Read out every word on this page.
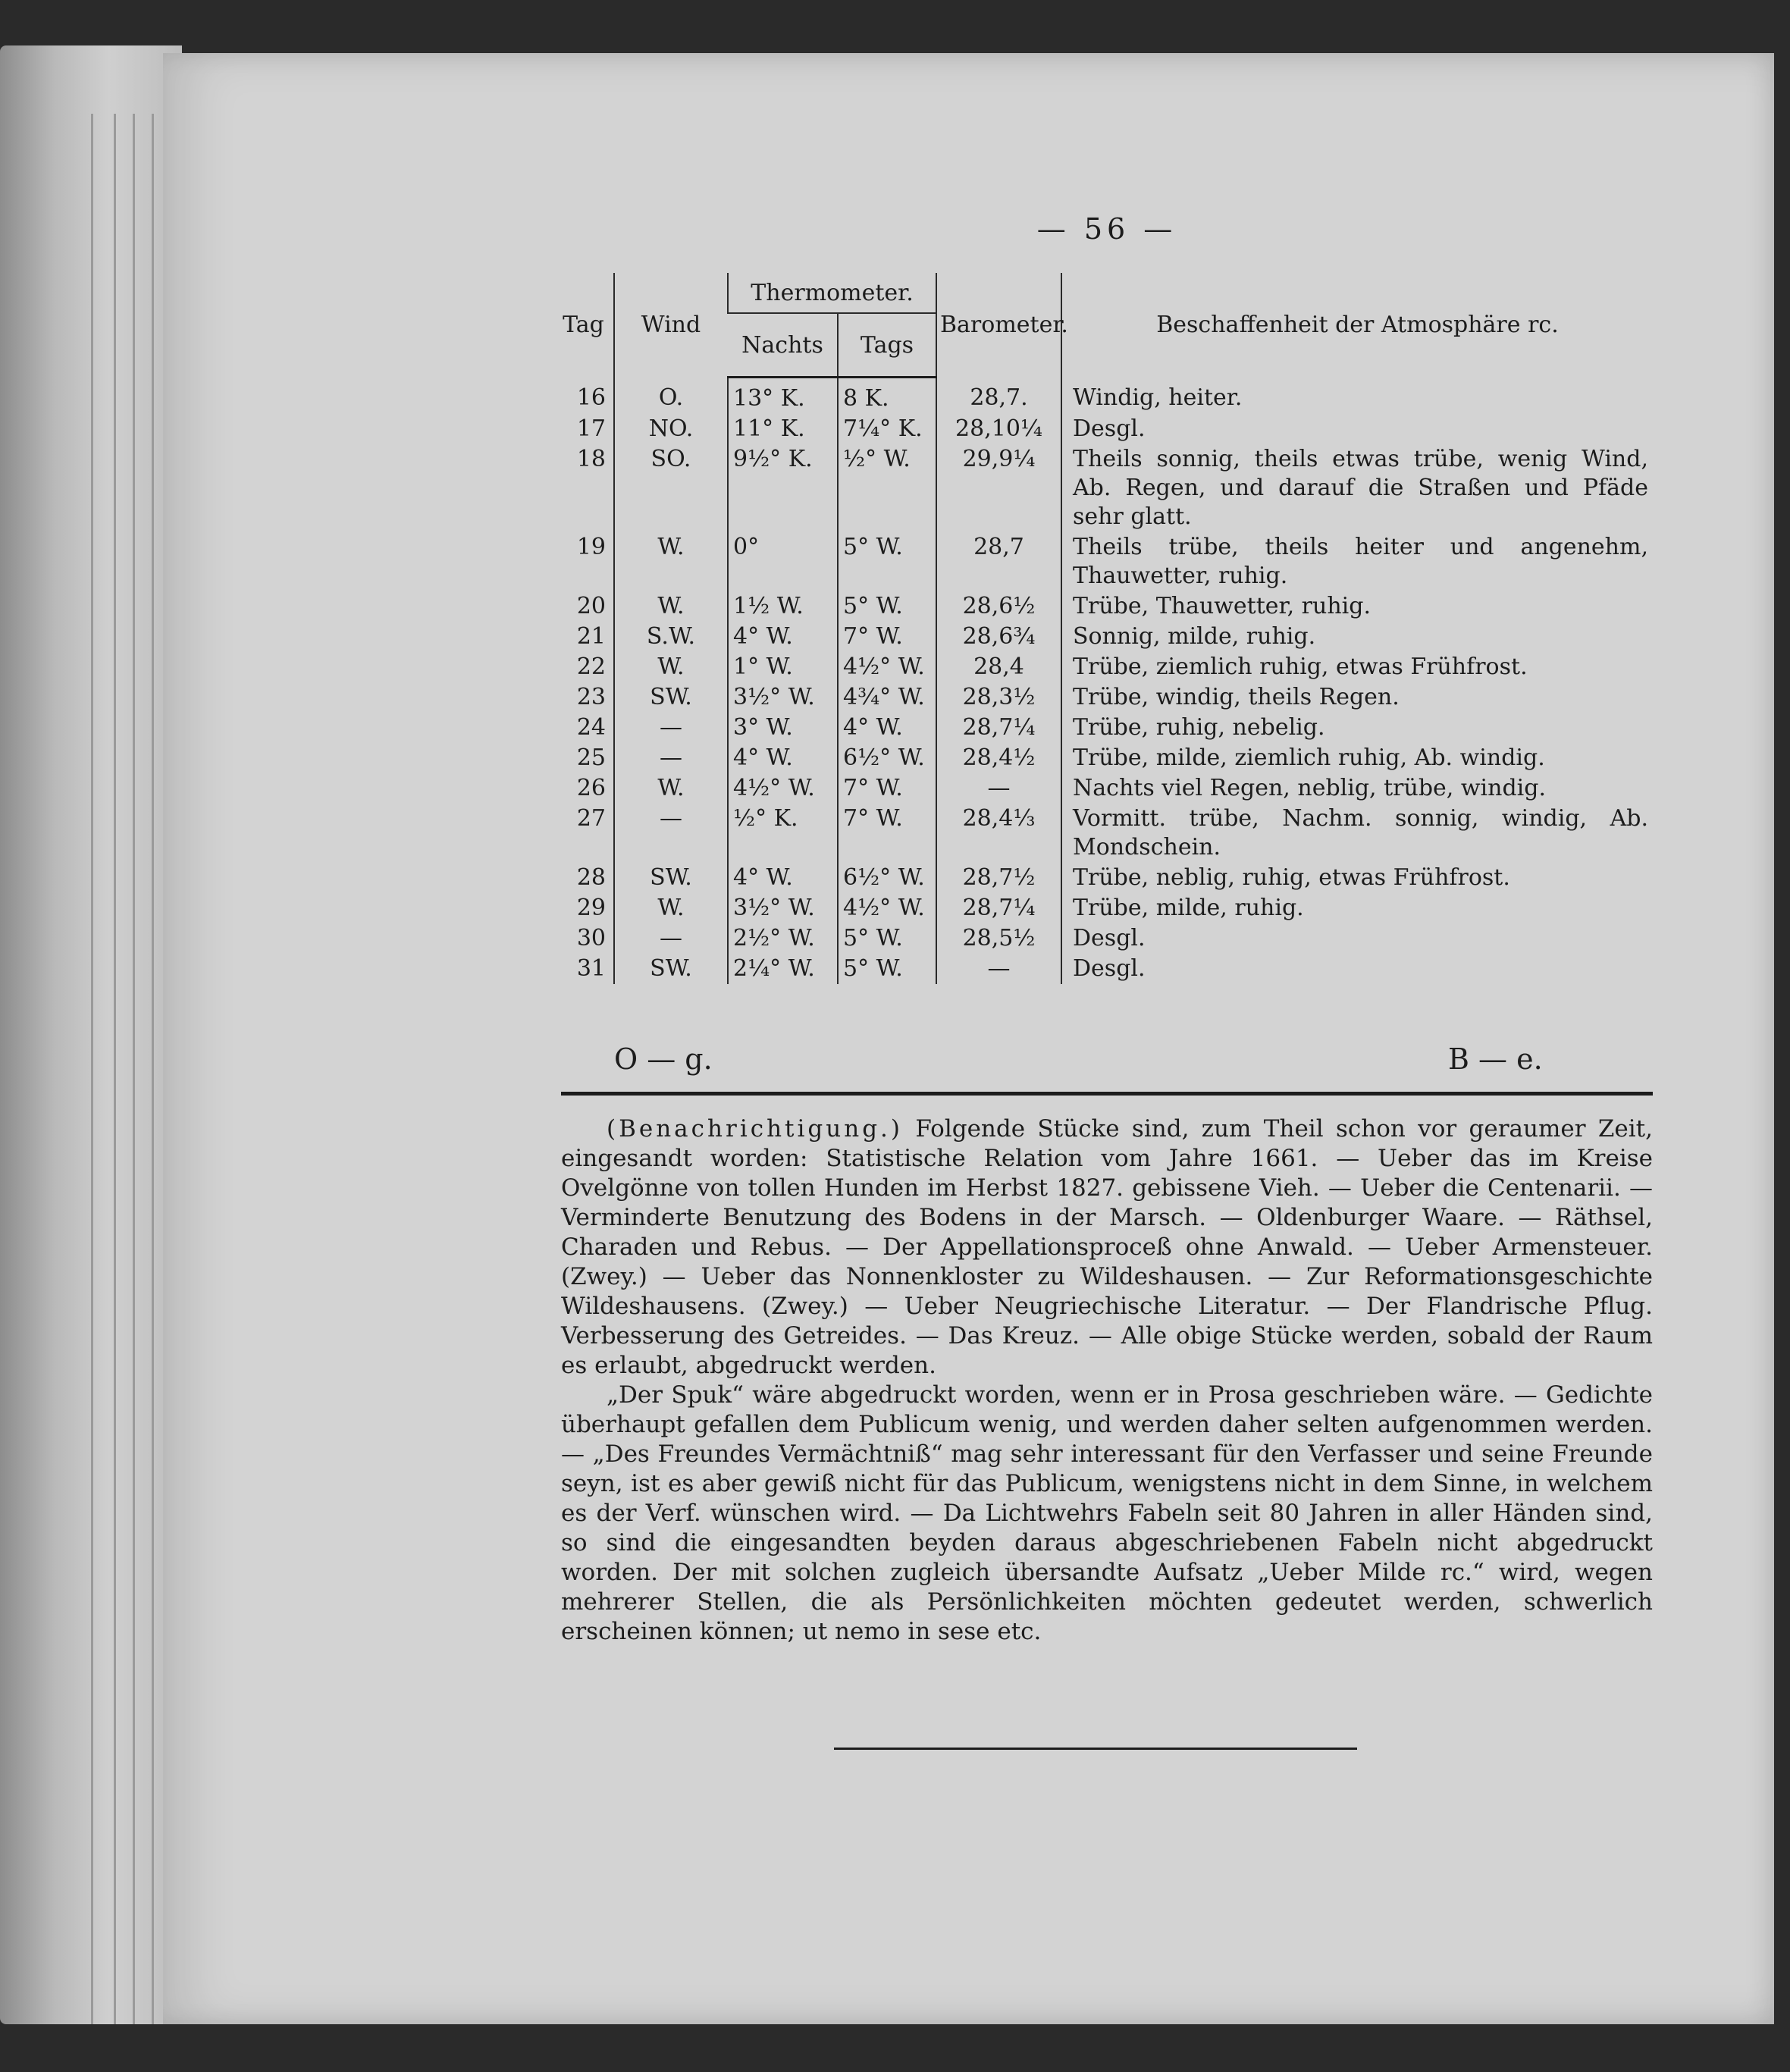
— 56 —
Tag	Wind	Thermometer.		Barometer.	Beschaffenheit der Atmosphäre rc.
		Nachts	Tags		
16	O.	13° K.	8 K.	28,7.	Windig, heiter.
17	NO.	11° K.	7¼° K.	28,10¼	Desgl.
18	SO.	9½° K.	½° W.	29,9¼	Theils sonnig, theils etwas trübe, wenig Wind, Ab. Regen, und darauf die Straßen und Pfäde sehr glatt.
19	W.	0°	5° W.	28,7	Theils trübe, theils heiter und angenehm, Thauwetter, ruhig.
20	W.	1½ W.	5° W.	28,6½	Trübe, Thauwetter, ruhig.
21	S.W.	4° W.	7° W.	28,6¾	Sonnig, milde, ruhig.
22	W.	1° W.	4½° W.	28,4	Trübe, ziemlich ruhig, etwas Frühfrost.
23	SW.	3½° W.	4¾° W.	28,3½	Trübe, windig, theils Regen.
24	—	3° W.	4° W.	28,7¼	Trübe, ruhig, nebelig.
25	—	4° W.	6½° W.	28,4½	Trübe, milde, ziemlich ruhig, Ab. windig.
26	W.	4½° W.	7° W.	—	Nachts viel Regen, neblig, trübe, windig.
27	—	½° K.	7° W.	28,4⅓	Vormitt. trübe, Nachm. sonnig, windig, Ab. Mondschein.
28	SW.	4° W.	6½° W.	28,7½	Trübe, neblig, ruhig, etwas Frühfrost.
29	W.	3½° W.	4½° W.	28,7¼	Trübe, milde, ruhig.
30	—	2½° W.	5° W.	28,5½	Desgl.
31	SW.	2¼° W.	5° W.	—	Desgl.
O — g.	B — e.

(Benachrichtigung.) Folgende Stücke sind, zum Theil schon vor geraumer Zeit, eingesandt worden: Statistische Relation vom Jahre 1661. — Ueber das im Kreise Ovelgönne von tollen Hunden im Herbst 1827. gebissene Vieh. — Ueber die Centenarii. — Verminderte Benutzung des Bodens in der Marsch. — Oldenburger Waare. — Räthsel, Charaden und Rebus. — Der Appellationsproceß ohne Anwald. — Ueber Armensteuer. (Zwey.) — Ueber das Nonnenkloster zu Wildeshausen. — Zur Reformationsgeschichte Wildeshausens. (Zwey.) — Ueber Neugriechische Literatur. — Der Flandrische Pflug. Verbesserung des Getreides. — Das Kreuz. — Alle obige Stücke werden, sobald der Raum es erlaubt, abgedruckt werden.

„Der Spuk“ wäre abgedruckt worden, wenn er in Prosa geschrieben wäre. — Gedichte überhaupt gefallen dem Publicum wenig, und werden daher selten aufgenommen werden. — „Des Freundes Vermächtniß“ mag sehr interessant für den Verfasser und seine Freunde seyn, ist es aber gewiß nicht für das Publicum, wenigstens nicht in dem Sinne, in welchem es der Verf. wünschen wird. — Da Lichtwehrs Fabeln seit 80 Jahren in aller Händen sind, so sind die eingesandten beyden daraus abgeschriebenen Fabeln nicht abgedruckt worden. Der mit solchen zugleich übersandte Aufsatz „Ueber Milde rc.“ wird, wegen mehrerer Stellen, die als Persönlichkeiten möchten gedeutet werden, schwerlich erscheinen können; ut nemo in sese etc.
